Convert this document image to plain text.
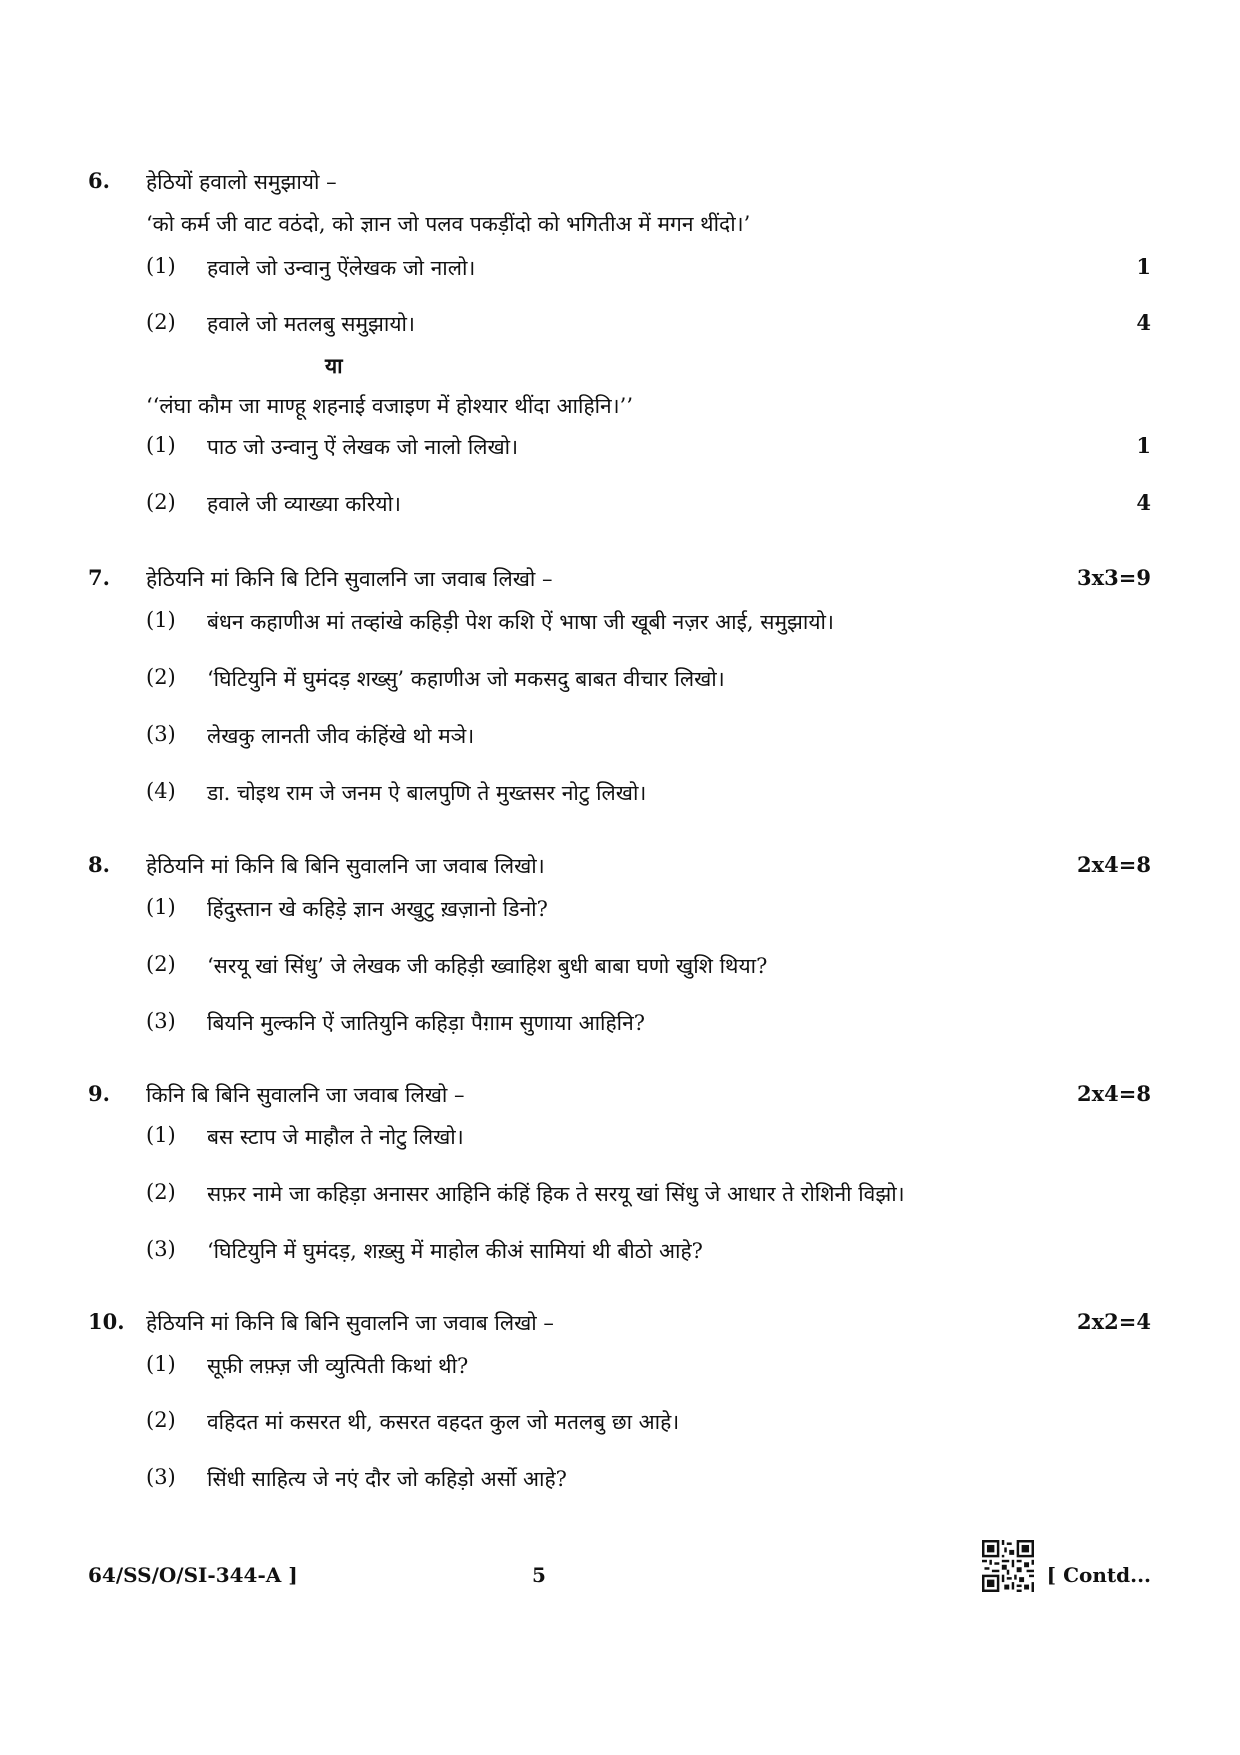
6. हेठियों हवालो समुझायो –
‘को कर्म जी वाट वठंदो, को ज्ञान जो पलव पकड़ींदो को भगितीअ में मगन थींदो।’
(1) हवाले जो उन्वानु ऐंलेखक जो नालो।	1
(2) हवाले जो मतलबु समुझायो।	4
या
‘‘लंघा कौम जा माण्हू शहनाई वजाइण में होश्यार थींदा आहिनि।’’
(1) पाठ जो उन्वानु ऐं लेखक जो नालो लिखो।	1
(2) हवाले जी व्याख्या करियो।	4
7. हेठियनि मां किनि बि टिनि सुवालनि जा जवाब लिखो –	3x3=9
(1) बंधन कहाणीअ मां तव्हांखे कहिड़ी पेश कशि ऐं भाषा जी खूबी नज़र आई, समुझायो।
(2) ‘घिटियुनि में घुमंदड़ शख्सु’ कहाणीअ जो मकसदु बाबत वीचार लिखो।
(3) लेखकु लानती जीव कंहिंखे थो मञे।
(4) डा. चोइथ राम जे जनम ऐ बालपुणि ते मुख्तसर नोटु लिखो।
8. हेठियनि मां किनि बि बिनि सुवालनि जा जवाब लिखो।	2x4=8
(1) हिंदुस्तान खे कहिड़े ज्ञान अखुटु ख़ज़ानो डिनो?
(2) ‘सरयू खां सिंधु’ जे लेखक जी कहिड़ी ख्वाहिश बुधी बाबा घणो खुशि थिया?
(3) बियनि मुल्कनि ऐं जातियुनि कहिड़ा पैग़ाम सुणाया आहिनि?
9. किनि बि बिनि सुवालनि जा जवाब लिखो –	2x4=8
(1) बस स्टाप जे माहौल ते नोटु लिखो।
(2) सफ़र नामे जा कहिड़ा अनासर आहिनि कंहिं हिक ते सरयू खां सिंधु जे आधार ते रोशिनी विझो।
(3) ‘घिटियुनि में घुमंदड़, शख़्सु में माहोल कीअं सामियां थी बीठो आहे?
10. हेठियनि मां किनि बि बिनि सुवालनि जा जवाब लिखो –	2x2=4
(1) सूफ़ी लफ़्ज़ जी व्युत्पिती किथां थी?
(2) वहिदत मां कसरत थी, कसरत वहदत कुल जो मतलबु छा आहे।
(3) सिंधी साहित्य जे नएं दौर जो कहिड़ो अर्सो आहे?
64/SS/O/SI-344-A ]	5	[ Contd...
